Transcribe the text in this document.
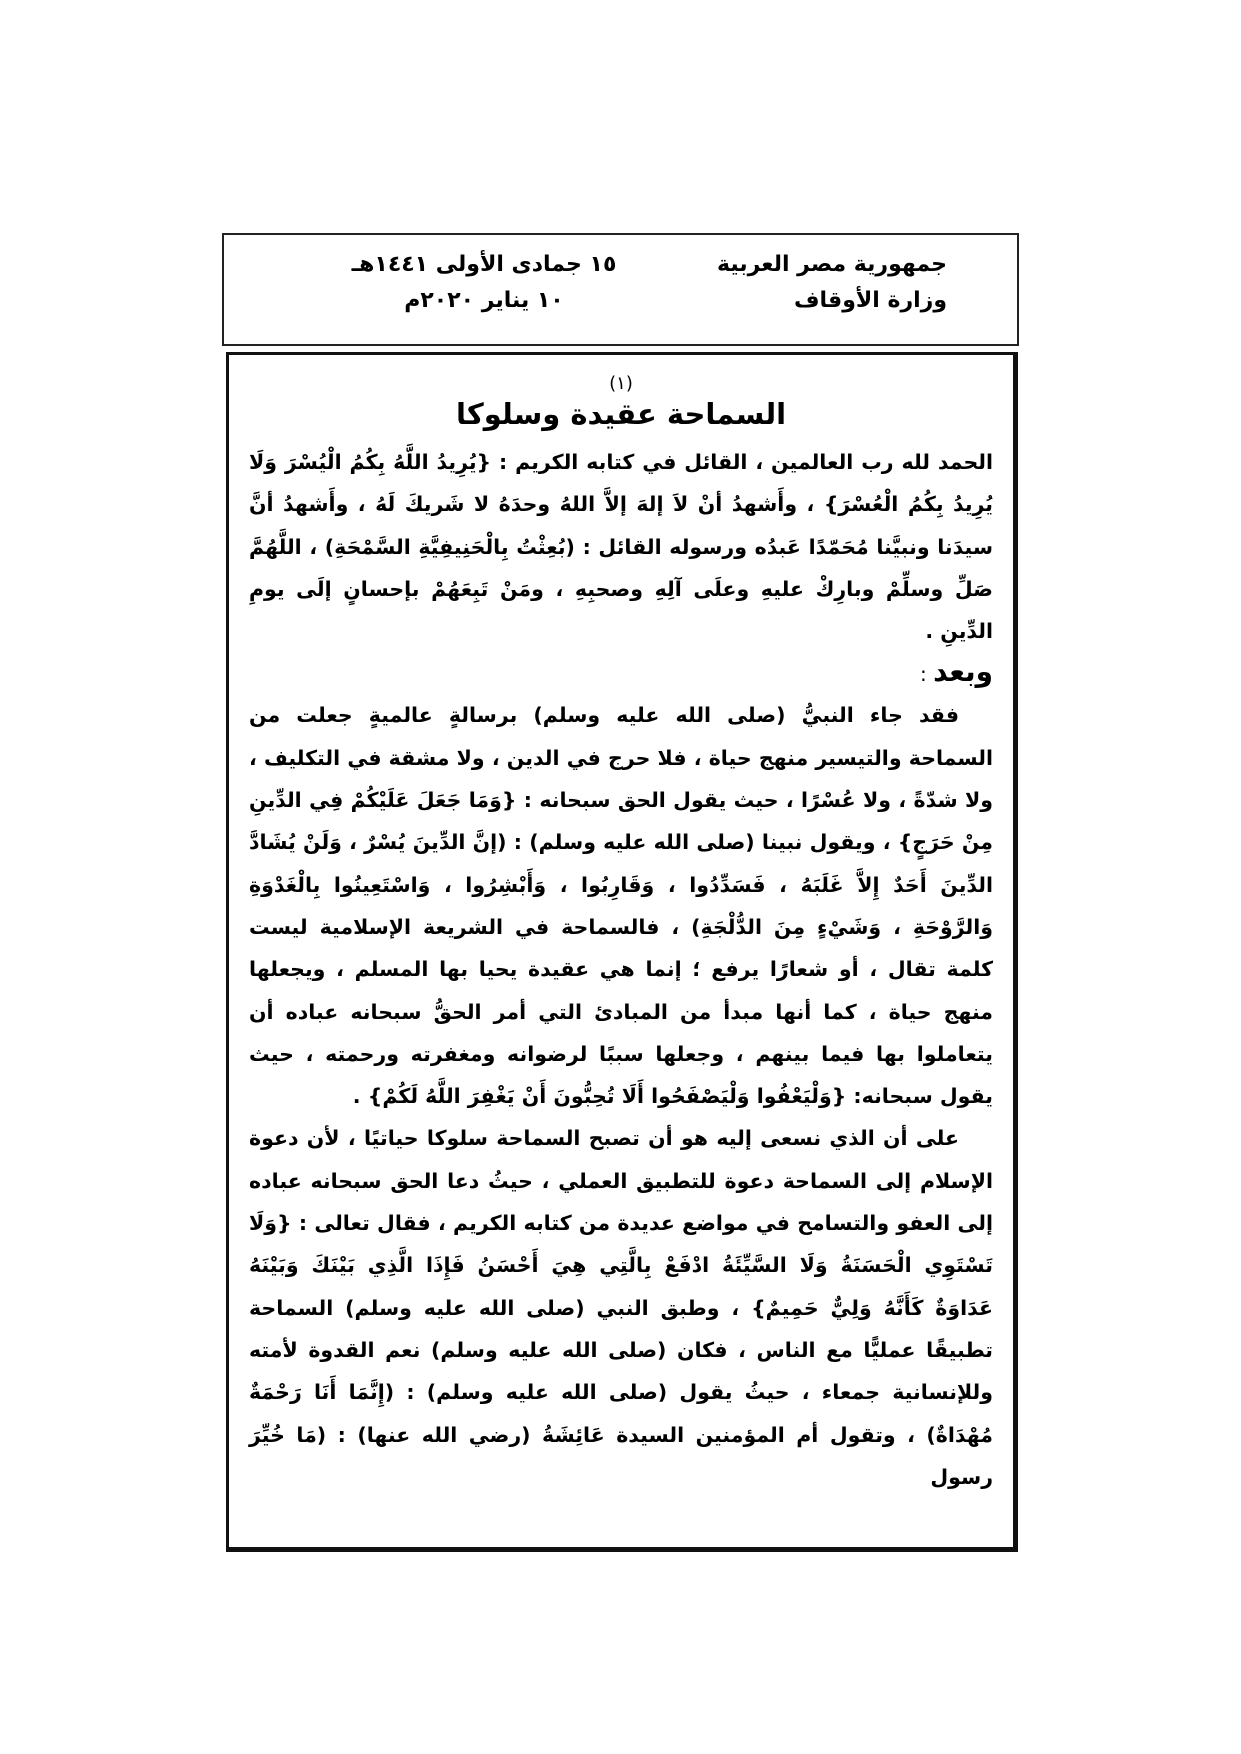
جمهورية مصر العربية
وزارة الأوقاف
١٥ جمادى الأولى ١٤٤١هـ
١٠ يناير ٢٠٢٠م
(١)
السماحة عقيدة وسلوكا

الحمد لله رب العالمين ، القائل في كتابه الكريم : {يُرِيدُ اللَّهُ بِكُمُ الْيُسْرَ وَلَا يُرِيدُ بِكُمُ الْعُسْرَ} ، وأَشهدُ أنْ لاَ إلهَ إلاَّ اللهُ وحدَهُ لا شَريكَ لَهُ ، وأَشهدُ أنَّ سيدَنا ونبيَّنا مُحَمّدًا عَبدُه ورسوله القائل : (بُعِثْتُ بِالْحَنِيفِيَّةِ السَّمْحَةِ) ، اللَّهُمَّ صَلِّ وسلِّمْ وبارِكْ عليهِ وعلَى آلِهِ وصحبِهِ ، ومَنْ تَبِعَهُمْ بإحسانٍ إلَى يومِ الدِّينِ .

وبعد :

فقد جاء النبيُّ (صلى الله عليه وسلم) برسالةٍ عالميةٍ جعلت من السماحة والتيسير منهج حياة ، فلا حرج في الدين ، ولا مشقة في التكليف ، ولا شدّةً ، ولا عُسْرًا ، حيث يقول الحق سبحانه : {وَمَا جَعَلَ عَلَيْكُمْ فِي الدِّينِ مِنْ حَرَجٍ} ، ويقول نبينا (صلى الله عليه وسلم) : (إنَّ الدِّينَ يُسْرٌ ، وَلَنْ يُشَادَّ الدِّينَ أَحَدٌ إِلاَّ غَلَبَهُ ، فَسَدِّدُوا ، وَقَارِبُوا ، وَأَبْشِرُوا ، وَاسْتَعِينُوا بِالْغَدْوَةِ وَالرَّوْحَةِ ، وَشَيْءٍ مِنَ الدُّلْجَةِ) ، فالسماحة في الشريعة الإسلامية ليست كلمة تقال ، أو شعارًا يرفع ؛ إنما هي عقيدة يحيا بها المسلم ، ويجعلها منهج حياة ، كما أنها مبدأ من المبادئ التي أمر الحقُّ سبحانه عباده أن يتعاملوا بها فيما بينهم ، وجعلها سببًا لرضوانه ومغفرته ورحمته ، حيث يقول سبحانه: {وَلْيَعْفُوا وَلْيَصْفَحُوا أَلَا تُحِبُّونَ أَنْ يَغْفِرَ اللَّهُ لَكُمْ} .

على أن الذي نسعى إليه هو أن تصبح السماحة سلوكا حياتيًا ، لأن دعوة الإسلام إلى السماحة دعوة للتطبيق العملي ، حيثُ دعا الحق سبحانه عباده إلى العفو والتسامح في مواضع عديدة من كتابه الكريم ، فقال تعالى : {وَلَا تَسْتَوِي الْحَسَنَةُ وَلَا السَّيِّئَةُ ادْفَعْ بِالَّتِي هِيَ أَحْسَنُ فَإِذَا الَّذِي بَيْنَكَ وَبَيْنَهُ عَدَاوَةٌ كَأَنَّهُ وَلِيٌّ حَمِيمٌ} ، وطبق النبي (صلى الله عليه وسلم) السماحة تطبيقًا عمليًّا مع الناس ، فكان (صلى الله عليه وسلم) نعم القدوة لأمته وللإنسانية جمعاء ، حيثُ يقول (صلى الله عليه وسلم) : (إِنَّمَا أَنَا رَحْمَةٌ مُهْدَاةٌ) ، وتقول أم المؤمنين السيدة عَائِشَةُ (رضي الله عنها) : (مَا خُيِّرَ رسول
